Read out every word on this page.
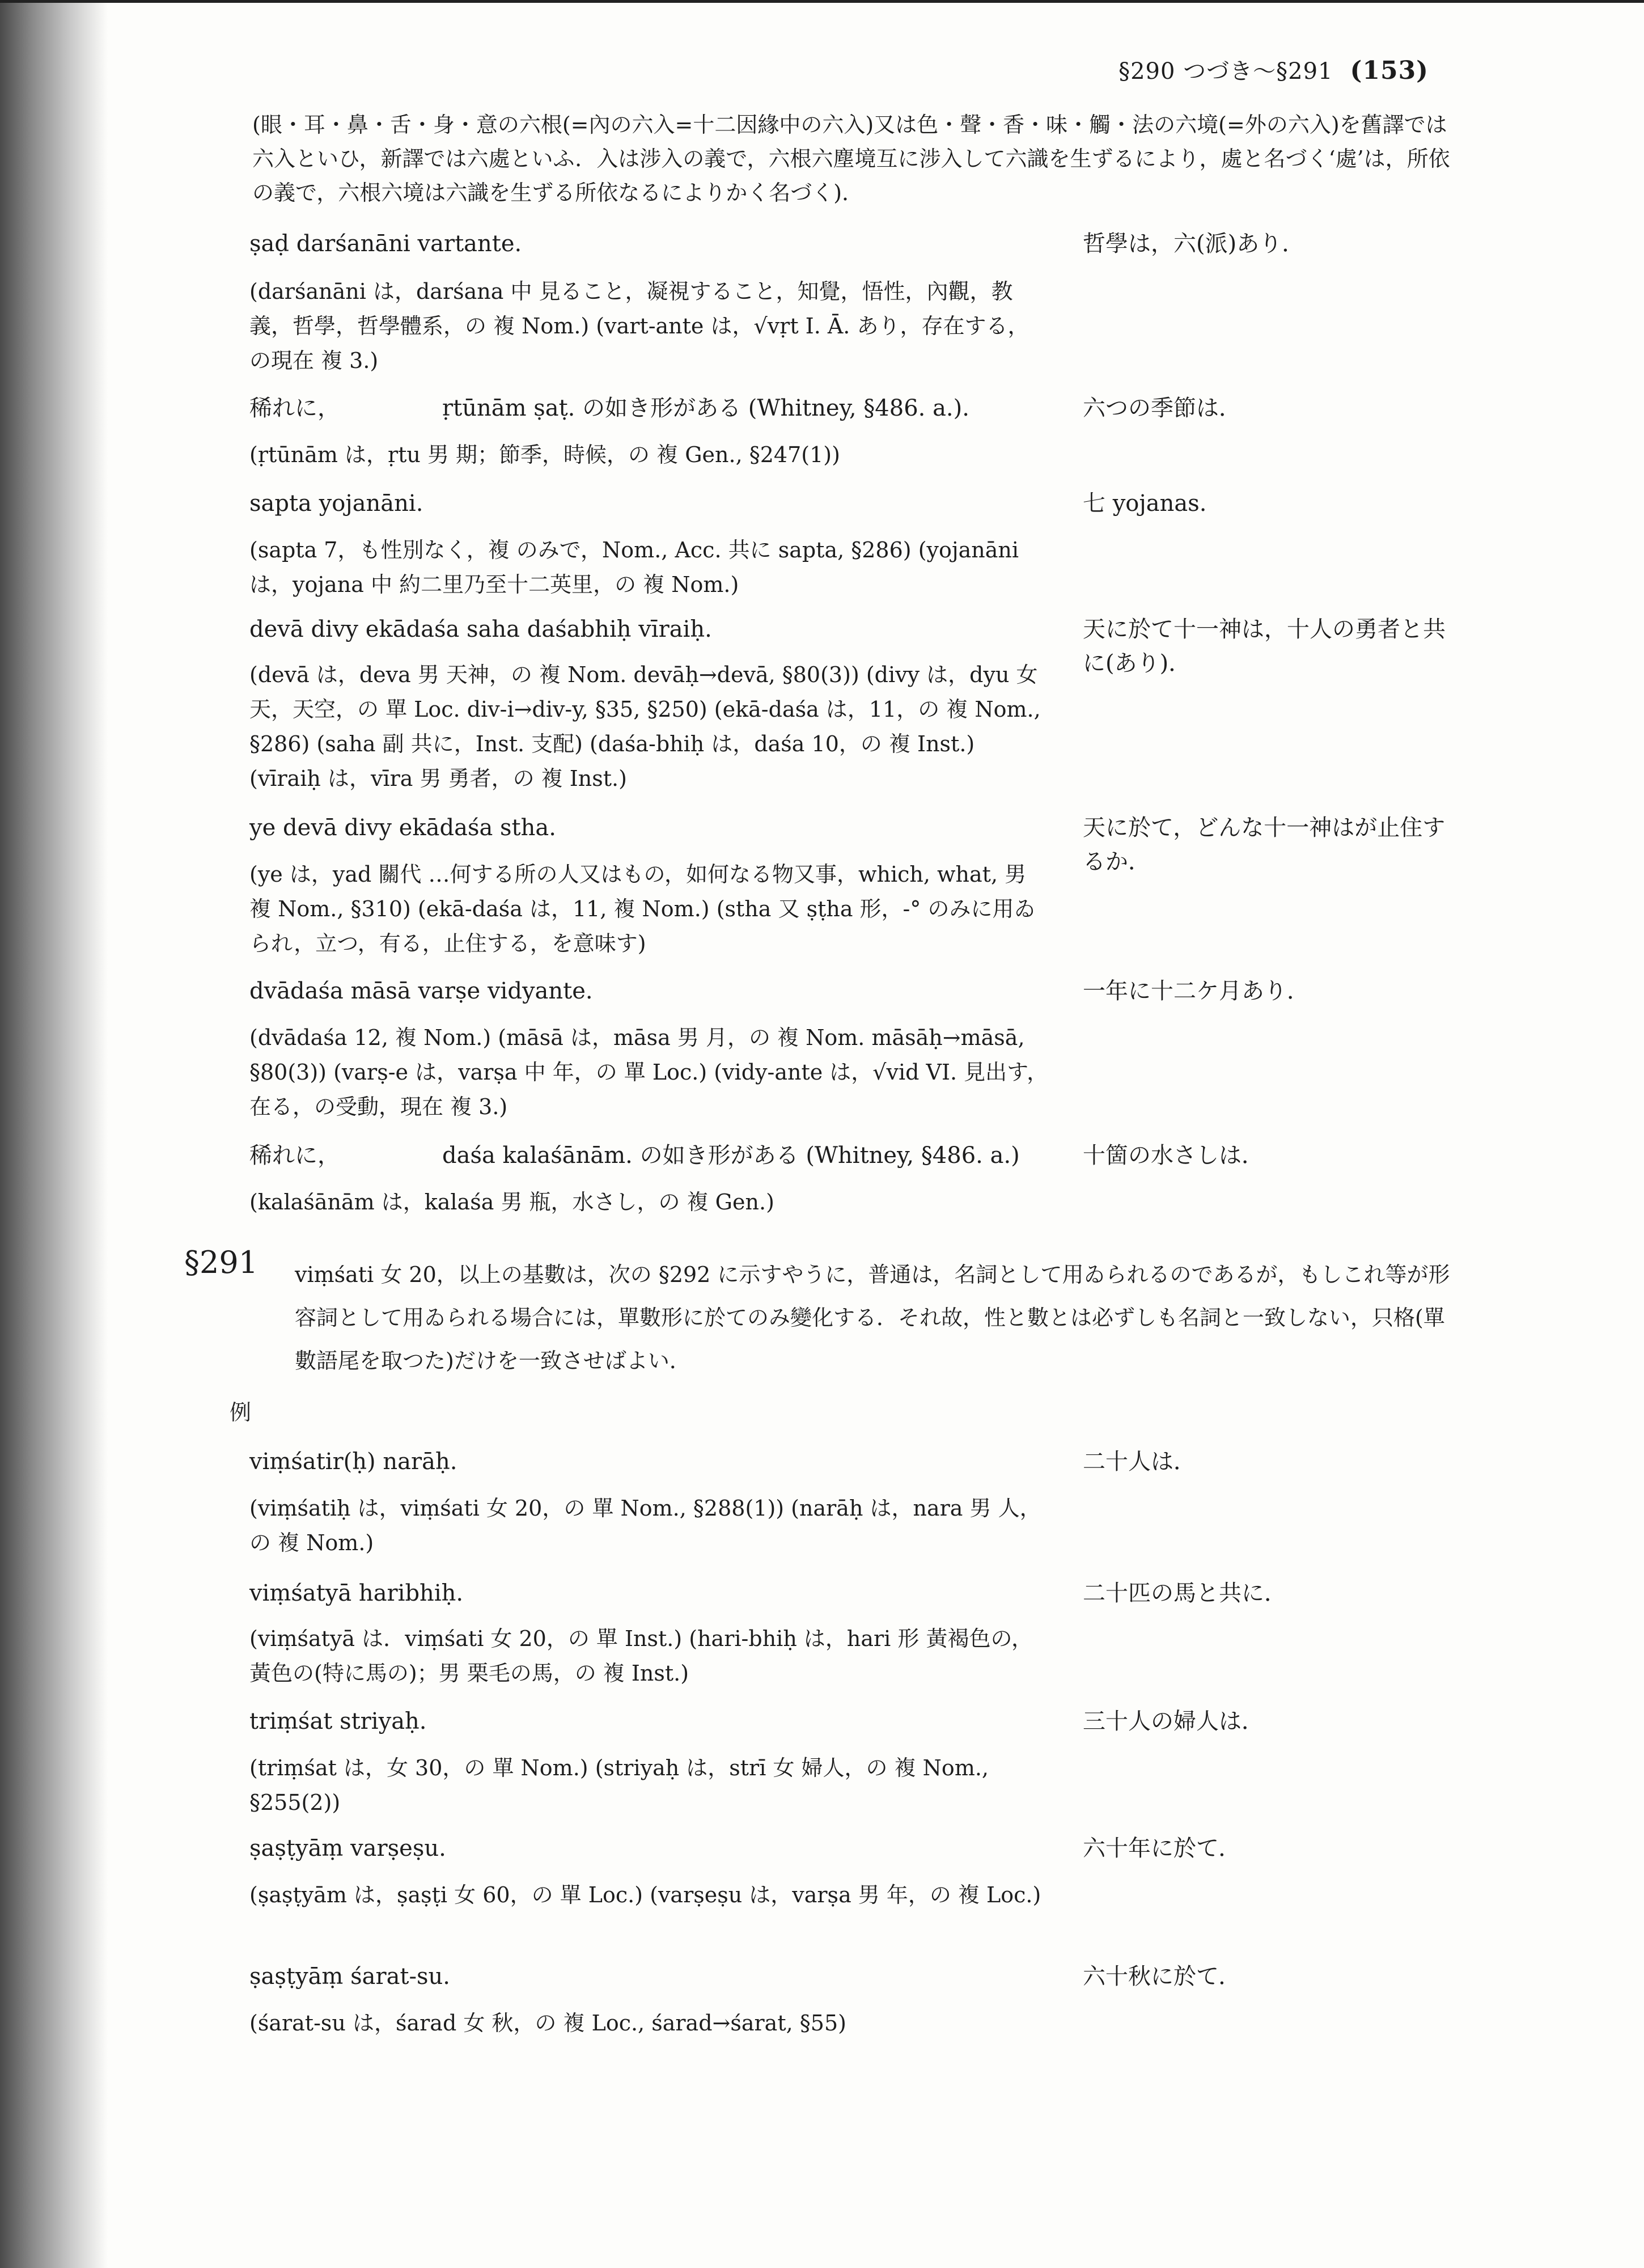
§290 つづき〜§291 (153)
(眼・耳・鼻・舌・身・意の六根(=內の六入=十二因緣中の六入)又は色・聲・香・味・觸・法の六境(=外の六入)を舊譯では六入といひ，新譯では六處といふ．入は涉入の義で，六根六塵境互に涉入して六識を生ずるにより，處と名づく‘處’は，所依の義で，六根六境は六識を生ずる所依なるによりかく名づく)．
ṣaḍ darśanāni vartante.	哲學は，六(派)あり．
(darśanāni は，darśana 中 見ること，凝視すること，知覺，悟性，內觀，教義，哲學，哲學體系，の 複 Nom.) (vart-ante は，√vṛt I. Ā. あり，存在する，の現在 複 3.)
稀れに，	ṛtūnām ṣaṭ. の如き形がある (Whitney, §486. a.).	六つの季節は．
(ṛtūnām は，ṛtu 男 期；節季，時候，の 複 Gen., §247(1))
sapta yojanāni.	七 yojanas.
(sapta 7，も性別なく，複 のみで，Nom., Acc. 共に sapta, §286) (yojanāni は，yojana 中 約二里乃至十二英里，の 複 Nom.)
devā divy ekādaśa saha daśabhiḥ vīraiḥ.	天に於て十一神は，十人の勇者と共に(あり)．
(devā は，deva 男 天神，の 複 Nom. devāḥ→devā, §80(3)) (divy は，dyu 女 天，天空，の 單 Loc. div-i→div-y, §35, §250) (ekā-daśa は，11，の 複 Nom., §286) (saha 副 共に，Inst. 支配) (daśa-bhiḥ は，daśa 10，の 複 Inst.) (vīraiḥ は，vīra 男 勇者，の 複 Inst.)
ye devā divy ekādaśa stha.	天に於て，どんな十一神はが止住するか．
(ye は，yad 關代 …何する所の人又はもの，如何なる物又事，which, what, 男 複 Nom., §310) (ekā-daśa は，11, 複 Nom.) (stha 又 ṣṭha 形，-° のみに用ゐられ，立つ，有る，止住する，を意味す)
dvādaśa māsā varṣe vidyante.	一年に十二ケ月あり．
(dvādaśa 12, 複 Nom.) (māsā は，māsa 男 月，の 複 Nom. māsāḥ→māsā, §80(3)) (varṣ-e は，varṣa 中 年，の 單 Loc.) (vidy-ante は，√vid VI. 見出す，在る，の受動，現在 複 3.)
稀れに，	daśa kalaśānām. の如き形がある (Whitney, §486. a.)	十箇の水さしは．
(kalaśānām は，kalaśa 男 瓶，水さし，の 複 Gen.)
§291 viṃśati 女 20，以上の基數は，次の §292 に示すやうに，普通は，名詞として用ゐられるのであるが，もしこれ等が形容詞として用ゐられる場合には，單數形に於てのみ變化する．それ故，性と數とは必ずしも名詞と一致しない，只格(單數語尾を取つた)だけを一致させばよい．
例
viṃśatir(ḥ) narāḥ.	二十人は．
(viṃśatiḥ は，viṃśati 女 20，の 單 Nom., §288(1)) (narāḥ は，nara 男 人，の 複 Nom.)
viṃśatyā haribhiḥ.	二十匹の馬と共に．
(viṃśatyā は．viṃśati 女 20，の 單 Inst.) (hari-bhiḥ は，hari 形 黃褐色の，黃色の(特に馬の)；男 栗毛の馬，の 複 Inst.)
triṃśat striyaḥ.	三十人の婦人は．
(triṃśat は，女 30，の 單 Nom.) (striyaḥ は，strī 女 婦人，の 複 Nom., §255(2))
ṣaṣṭyāṃ varṣeṣu.	六十年に於て．
(ṣaṣṭyām は，ṣaṣṭi 女 60，の 單 Loc.) (varṣeṣu は，varṣa 男 年，の 複 Loc.)
ṣaṣṭyāṃ śarat-su.	六十秋に於て．
(śarat-su は，śarad 女 秋，の 複 Loc., śarad→śarat, §55)
